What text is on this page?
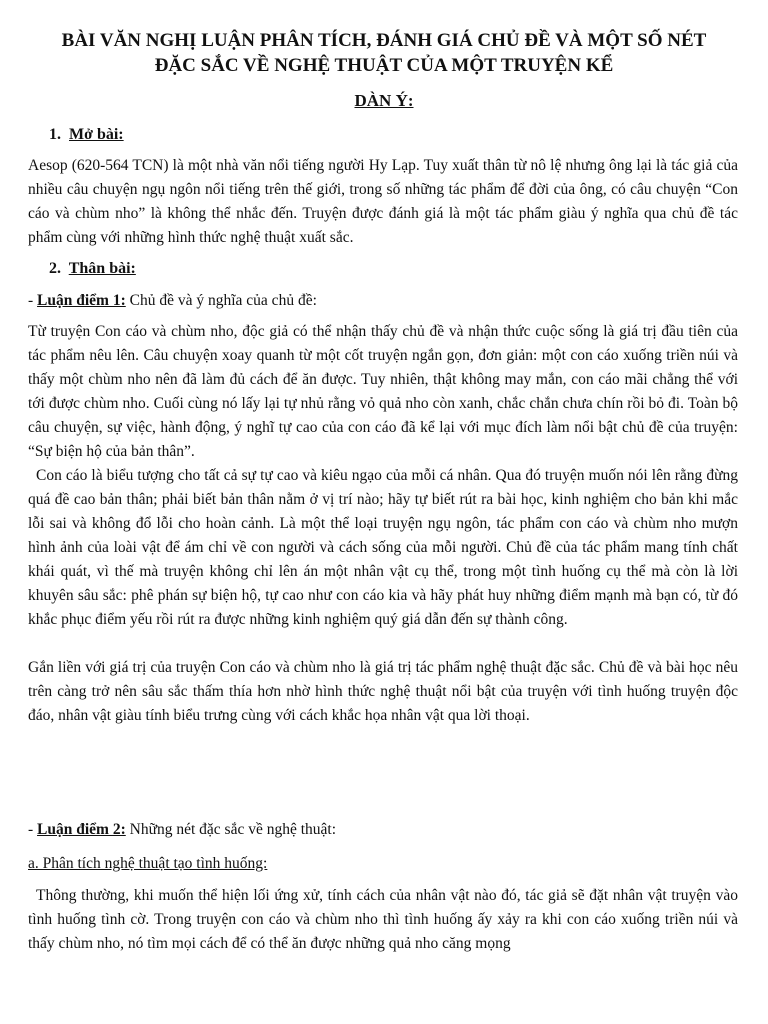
BÀI VĂN NGHỊ LUẬN PHÂN TÍCH, ĐÁNH GIÁ CHỦ ĐỀ VÀ MỘT SỐ NÉT
ĐẶC SẮC VỀ NGHỆ THUẬT CỦA MỘT TRUYỆN KỂ
DÀN Ý:
1. Mở bài:

Aesop (620-564 TCN) là một nhà văn nổi tiếng người Hy Lạp. Tuy xuất thân từ nô lệ nhưng ông lại là tác giả của nhiều câu chuyện ngụ ngôn nổi tiếng trên thế giới, trong số những tác phẩm để đời của ông, có câu chuyện “Con cáo và chùm nho” là không thể nhắc đến. Truyện được đánh giá là một tác phẩm giàu ý nghĩa qua chủ đề tác phẩm cùng với những hình thức nghệ thuật xuất sắc.

2. Thân bài:
- Luận điểm 1: Chủ đề và ý nghĩa của chủ đề:

Từ truyện Con cáo và chùm nho, độc giả có thể nhận thấy chủ đề và nhận thức cuộc sống là giá trị đầu tiên của tác phẩm nêu lên. Câu chuyện xoay quanh từ một cốt truyện ngắn gọn, đơn giản: một con cáo xuống triền núi và thấy một chùm nho nên đã làm đủ cách để ăn được. Tuy nhiên, thật không may mắn, con cáo mãi chẳng thể với tới được chùm nho. Cuối cùng nó lấy lại tự nhủ rằng vỏ quả nho còn xanh, chắc chắn chưa chín rồi bỏ đi. Toàn bộ câu chuyện, sự việc, hành động, ý nghĩ tự cao của con cáo đã kể lại với mục đích làm nổi bật chủ đề của truyện: “Sự biện hộ của bản thân”.

Con cáo là biểu tượng cho tất cả sự tự cao và kiêu ngạo của mỗi cá nhân. Qua đó truyện muốn nói lên rằng đừng quá đề cao bản thân; phải biết bản thân nằm ở vị trí nào; hãy tự biết rút ra bài học, kinh nghiệm cho bản khi mắc lỗi sai và không đổ lỗi cho hoàn cảnh. Là một thể loại truyện ngụ ngôn, tác phẩm con cáo và chùm nho mượn hình ảnh của loài vật để ám chỉ về con người và cách sống của mỗi người. Chủ đề của tác phẩm mang tính chất khái quát, vì thế mà truyện không chỉ lên án một nhân vật cụ thể, trong một tình huống cụ thể mà còn là lời khuyên sâu sắc: phê phán sự biện hộ, tự cao như con cáo kia và hãy phát huy những điểm mạnh mà bạn có, từ đó khắc phục điểm yếu rồi rút ra được những kinh nghiệm quý giá dẫn đến sự thành công.

Gắn liền với giá trị của truyện Con cáo và chùm nho là giá trị tác phẩm nghệ thuật đặc sắc. Chủ đề và bài học nêu trên càng trở nên sâu sắc thấm thía hơn nhờ hình thức nghệ thuật nổi bật của truyện với tình huống truyện độc đáo, nhân vật giàu tính biểu trưng cùng với cách khắc họa nhân vật qua lời thoại.

- Luận điểm 2: Những nét đặc sắc về nghệ thuật:
a. Phân tích nghệ thuật tạo tình huống:

Thông thường, khi muốn thể hiện lối ứng xử, tính cách của nhân vật nào đó, tác giả sẽ đặt nhân vật truyện vào tình huống tình cờ. Trong truyện con cáo và chùm nho thì tình huống ấy xảy ra khi con cáo xuống triền núi và thấy chùm nho, nó tìm mọi cách để có thể ăn được những quả nho căng mọng
